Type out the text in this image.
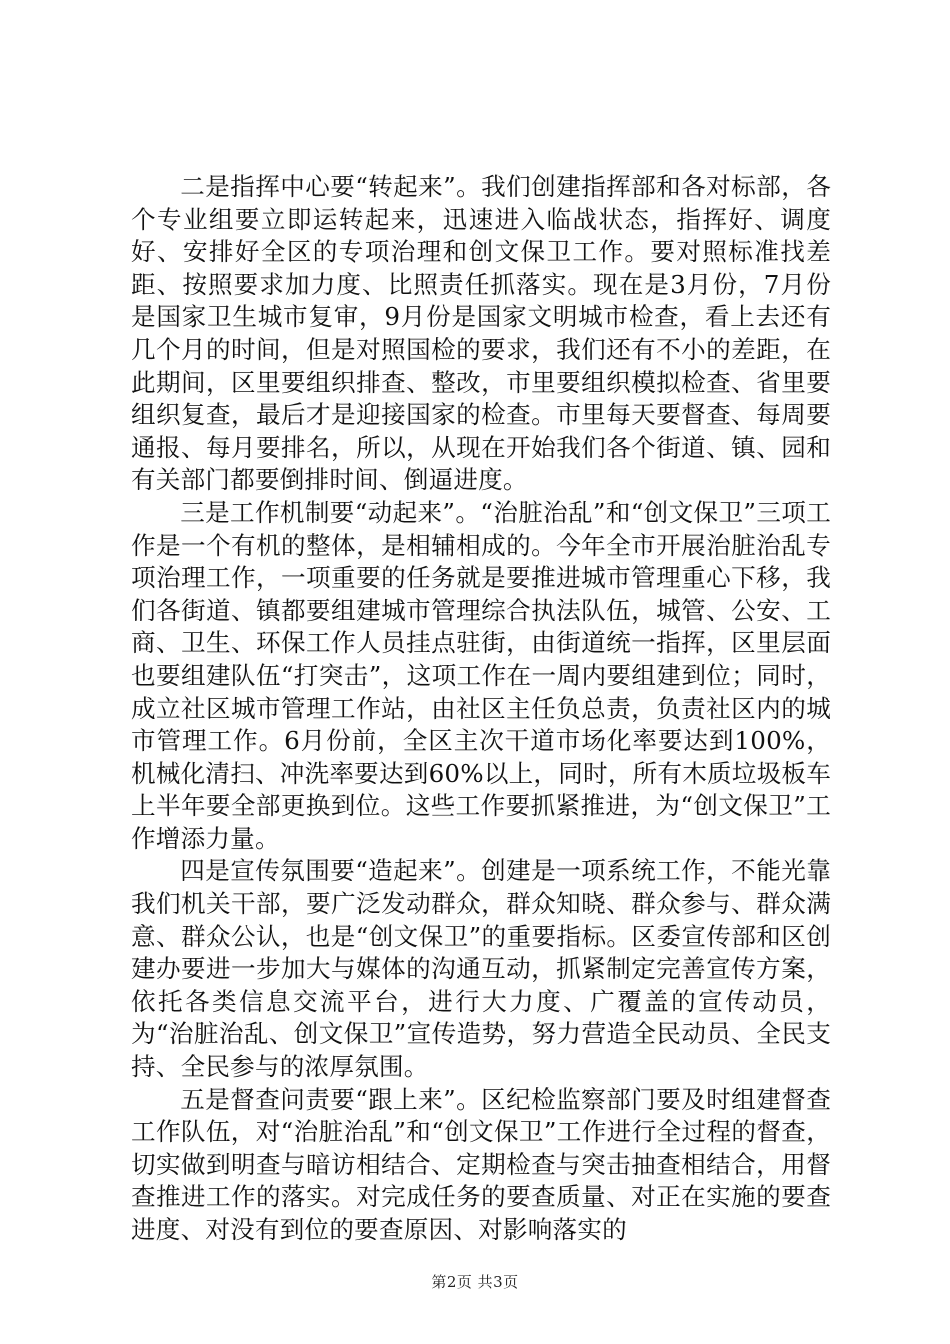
二是指挥中心要“转起来”。我们创建指挥部和各对标部，各个专业组要立即运转起来，迅速进入临战状态，指挥好、调度好、安排好全区的专项治理和创文保卫工作。要对照标准找差距、按照要求加力度、比照责任抓落实。现在是3月份，7月份是国家卫生城市复审，9月份是国家文明城市检查，看上去还有几个月的时间，但是对照国检的要求，我们还有不小的差距，在此期间，区里要组织排查、整改，市里要组织模拟检查、省里要组织复查，最后才是迎接国家的检查。市里每天要督查、每周要通报、每月要排名，所以，从现在开始我们各个街道、镇、园和有关部门都要倒排时间、倒逼进度。

三是工作机制要“动起来”。“治脏治乱”和“创文保卫”三项工作是一个有机的整体，是相辅相成的。今年全市开展治脏治乱专项治理工作，一项重要的任务就是要推进城市管理重心下移，我们各街道、镇都要组建城市管理综合执法队伍，城管、公安、工商、卫生、环保工作人员挂点驻街，由街道统一指挥，区里层面也要组建队伍“打突击”，这项工作在一周内要组建到位；同时，成立社区城市管理工作站，由社区主任负总责，负责社区内的城市管理工作。6月份前，全区主次干道市场化率要达到100%，机械化清扫、冲洗率要达到60%以上，同时，所有木质垃圾板车上半年要全部更换到位。这些工作要抓紧推进，为“创文保卫”工作增添力量。

四是宣传氛围要“造起来”。创建是一项系统工作，不能光靠我们机关干部，要广泛发动群众，群众知晓、群众参与、群众满意、群众公认，也是“创文保卫”的重要指标。区委宣传部和区创建办要进一步加大与媒体的沟通互动，抓紧制定完善宣传方案，依托各类信息交流平台，进行大力度、广覆盖的宣传动员，为“治脏治乱、创文保卫”宣传造势，努力营造全民动员、全民支持、全民参与的浓厚氛围。

五是督查问责要“跟上来”。区纪检监察部门要及时组建督查工作队伍，对“治脏治乱”和“创文保卫”工作进行全过程的督查，切实做到明查与暗访相结合、定期检查与突击抽查相结合，用督查推进工作的落实。对完成任务的要查质量、对正在实施的要查进度、对没有到位的要查原因、对影响落实的

第2页 共3页
